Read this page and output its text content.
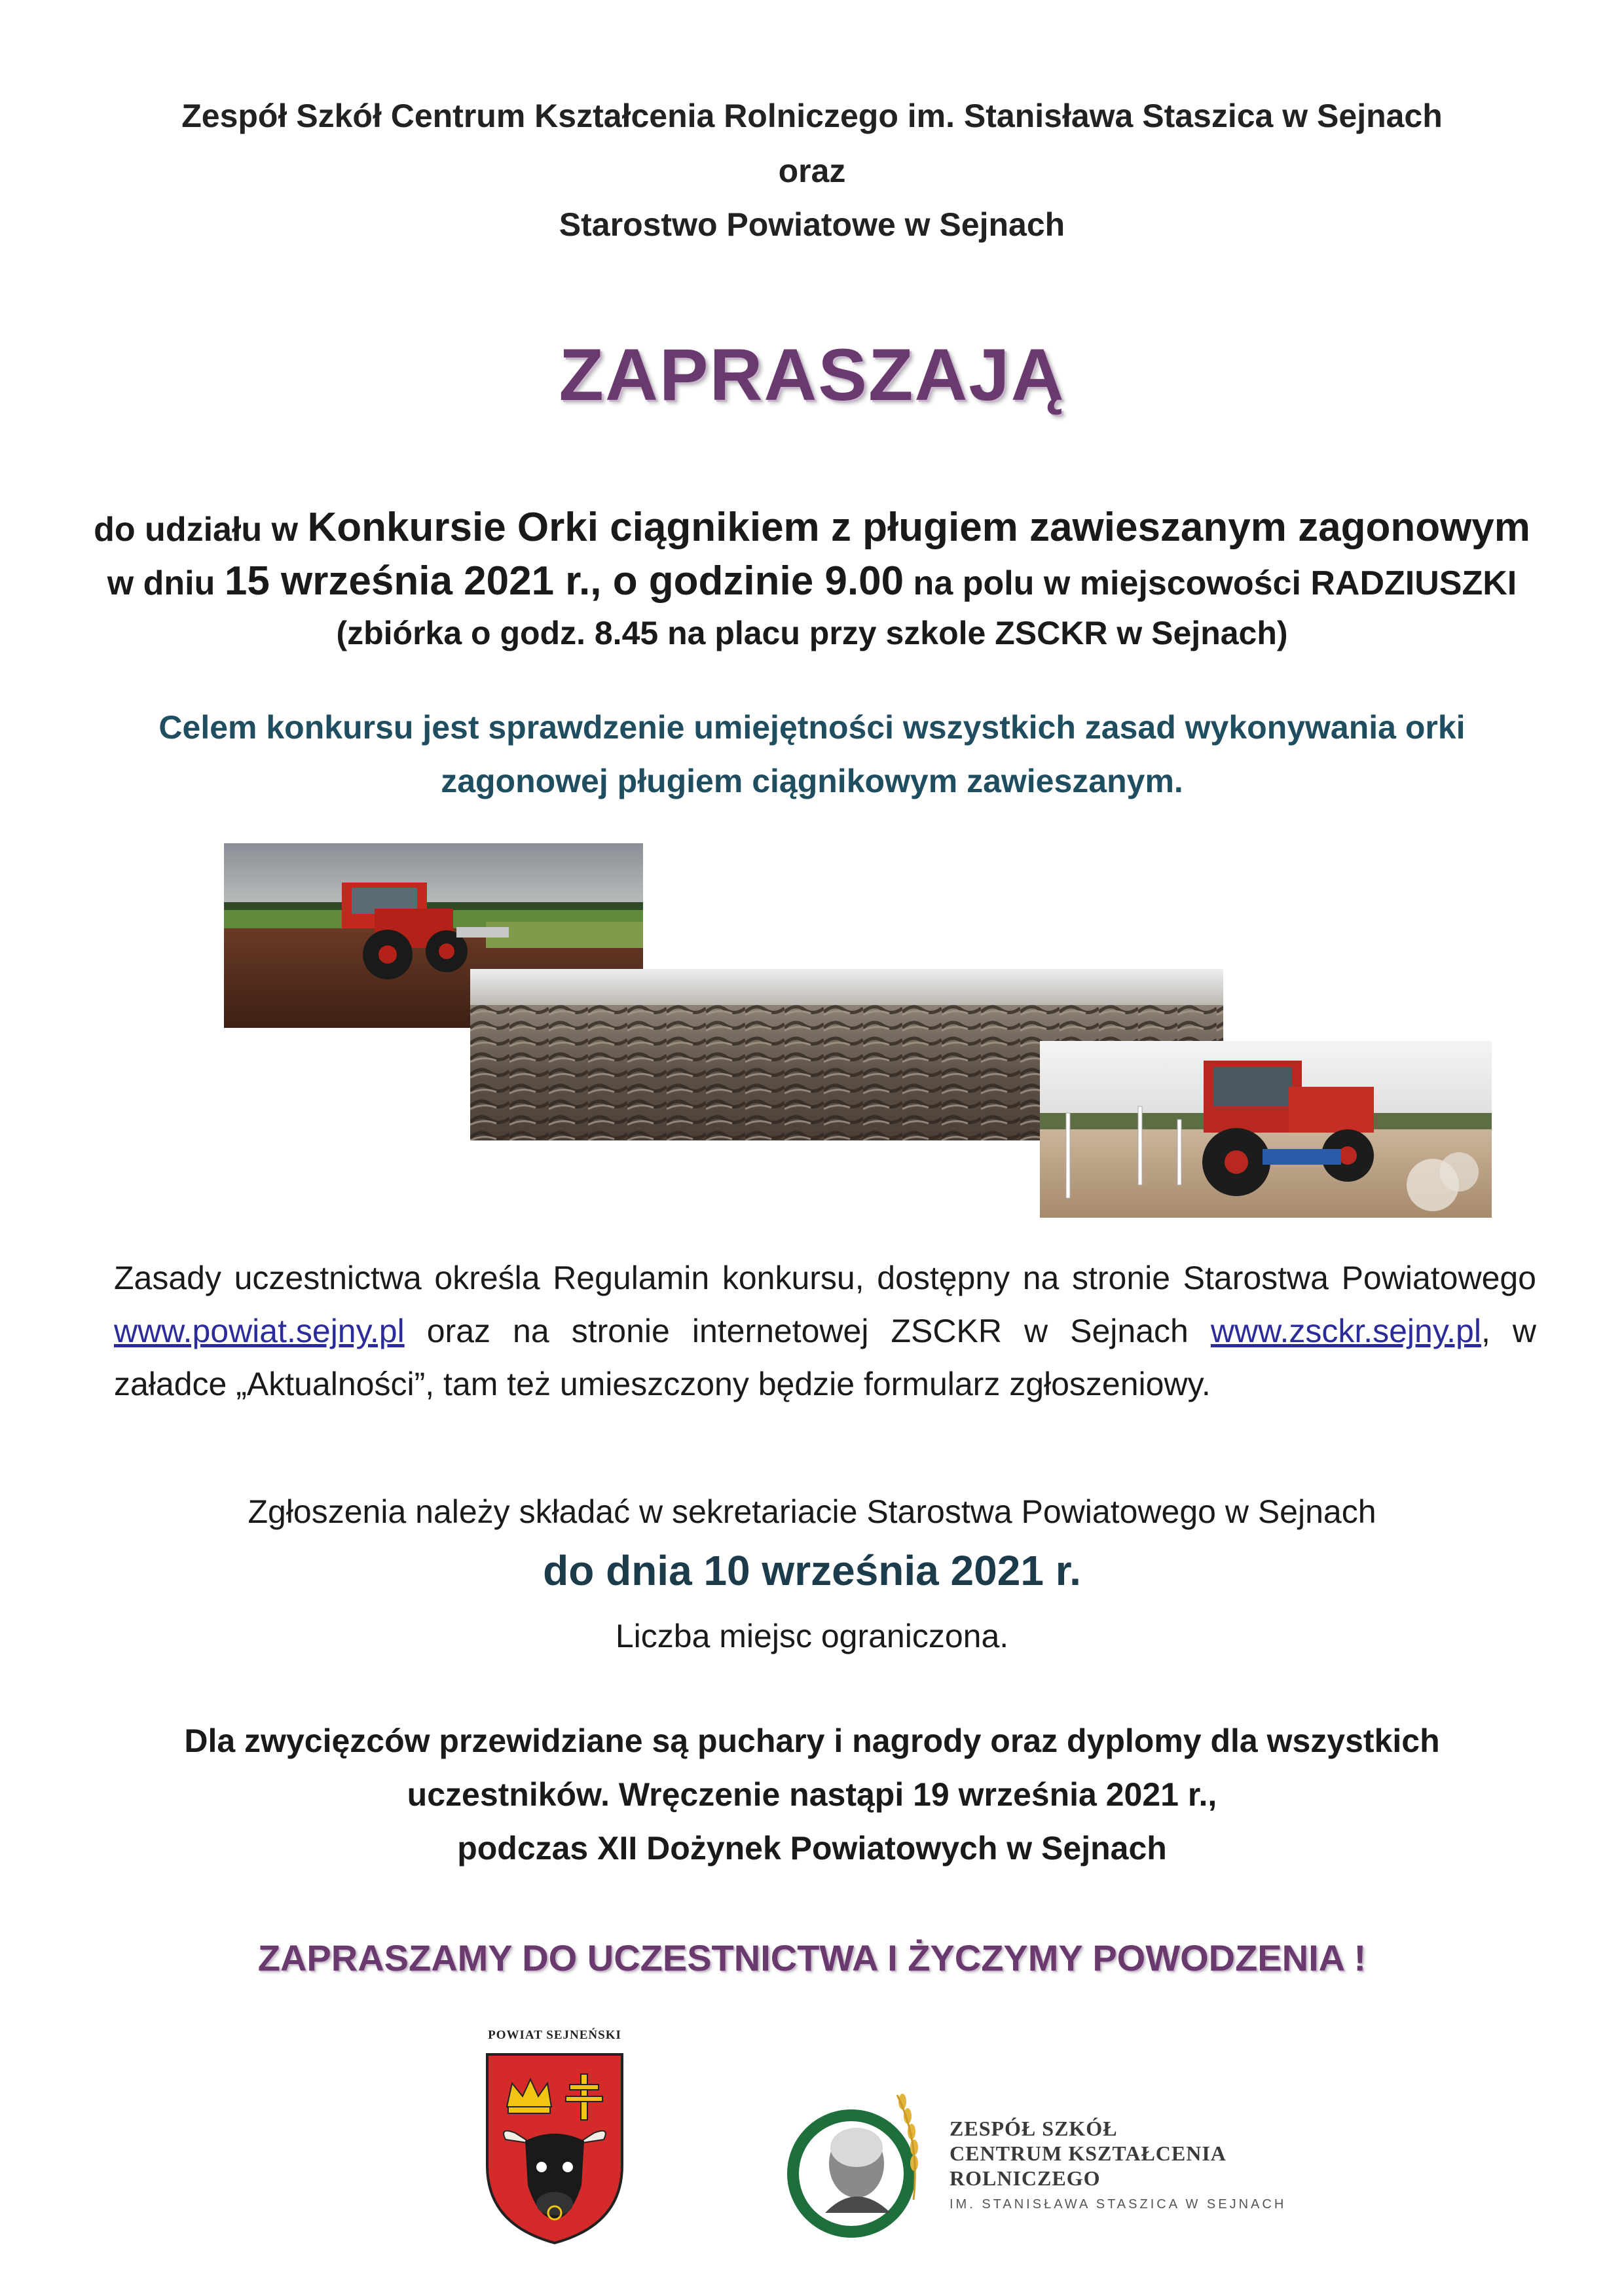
Zespół Szkół Centrum Kształcenia Rolniczego im. Stanisława Staszica w Sejnach
oraz
Starostwo Powiatowe w Sejnach
ZAPRASZAJĄ
do udziału w Konkursie Orki ciągnikiem z pługiem zawieszanym zagonowym
w dniu 15 września 2021 r., o godzinie 9.00 na polu w miejscowości RADZIUSZKI
(zbiórka o godz. 8.45 na placu przy szkole ZSCKR w Sejnach)
Celem konkursu jest sprawdzenie umiejętności wszystkich zasad wykonywania orki
zagonowej pługiem ciągnikowym zawieszanym.
Zasady uczestnictwa określa Regulamin konkursu, dostępny na stronie Starostwa Powiatowego www.powiat.sejny.pl oraz na stronie internetowej ZSCKR w Sejnach www.zsckr.sejny.pl, w załadce „Aktualności”, tam też umieszczony będzie formularz zgłoszeniowy.
Zgłoszenia należy składać w sekretariacie Starostwa Powiatowego w Sejnach
do dnia 10 września 2021 r.
Liczba miejsc ograniczona.
Dla zwycięzców przewidziane są puchary i nagrody oraz dyplomy dla wszystkich
uczestników. Wręczenie nastąpi 19 września 2021 r.,
podczas XII Dożynek Powiatowych w Sejnach
ZAPRASZAMY DO UCZESTNICTWA I ŻYCZYMY POWODZENIA !
POWIAT SEJNEŃSKI
ZESPÓŁ SZKÓŁ
CENTRUM KSZTAŁCENIA
ROLNICZEGO
IM. STANISŁAWA STASZICA W SEJNACH
